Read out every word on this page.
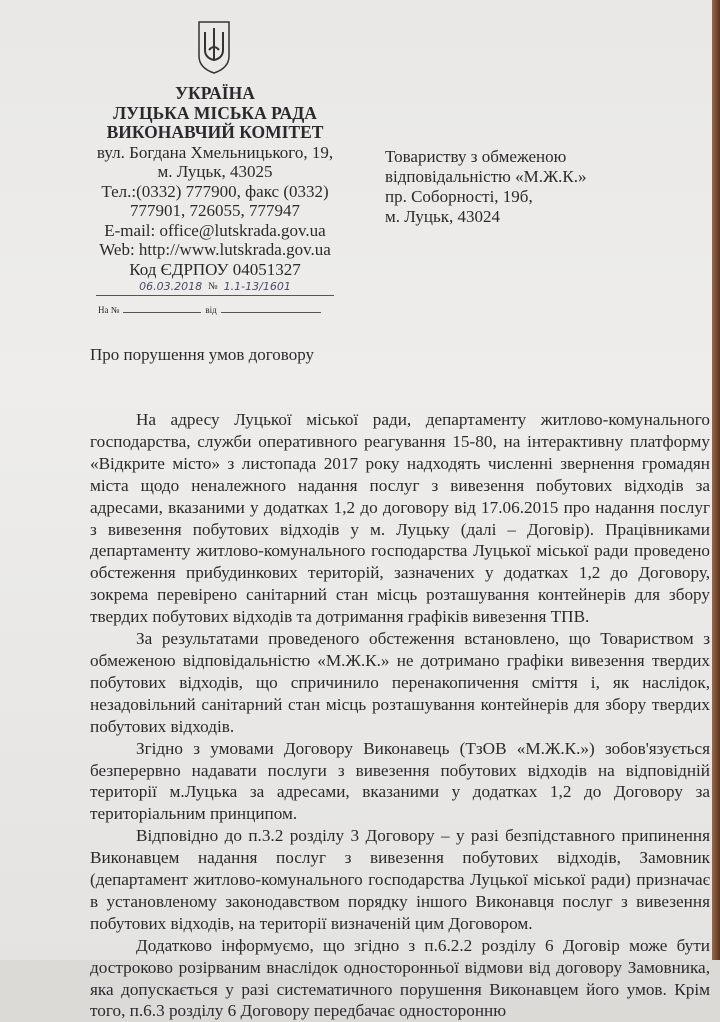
УКРАЇНА
ЛУЦЬКА МІСЬКА РАДА
ВИКОНАВЧИЙ КОМІТЕТ
вул. Богдана Хмельницького, 19,
м. Луцьк, 43025
Тел.:(0332) 777900, факс (0332)
777901, 726055, 777947
E-mail: office@lutskrada.gov.ua
Web: http://www.lutskrada.gov.ua
Код ЄДРПОУ 04051327
06.03.2018 № 1.1-13/1601
На №	від
Товариству з обмеженою
відповідальністю «М.Ж.К.»
пр. Соборності, 19б,
м. Луцьк, 43024
Про порушення умов договору

На адресу Луцької міської ради, департаменту житлово-комунального господарства, служби оперативного реагування 15-80, на інтерактивну платформу «Відкрите місто» з листопада 2017 року надходять численні звернення громадян міста щодо неналежного надання послуг з вивезення побутових відходів за адресами, вказаними у додатках 1,2 до договору від 17.06.2015 про надання послуг з вивезення побутових відходів у м. Луцьку (далі – Договір). Працівниками департаменту житлово-комунального господарства Луцької міської ради проведено обстеження прибудинкових територій, зазначених у додатках 1,2 до Договору, зокрема перевірено санітарний стан місць розташування контейнерів для збору твердих побутових відходів та дотримання графіків вивезення ТПВ.

За результатами проведеного обстеження встановлено, що Товариством з обмеженою відповідальністю «М.Ж.К.» не дотримано графіки вивезення твердих побутових відходів, що спричинило перенакопичення сміття і, як наслідок, незадовільний санітарний стан місць розташування контейнерів для збору твердих побутових відходів.

Згідно з умовами Договору Виконавець (ТзОВ «М.Ж.К.») зобов'язується безперервно надавати послуги з вивезення побутових відходів на відповідній території м.Луцька за адресами, вказаними у додатках 1,2 до Договору за територіальним принципом.

Відповідно до п.3.2 розділу 3 Договору – у разі безпідставного припинення Виконавцем надання послуг з вивезення побутових відходів, Замовник (департамент житлово-комунального господарства Луцької міської ради) призначає в установленому законодавством порядку іншого Виконавця послуг з вивезення побутових відходів, на території визначеній цим Договором.

Додатково інформуємо, що згідно з п.6.2.2 розділу 6 Договір може бути достроково розірваним внаслідок односторонньої відмови від договору Замовника, яка допускається у разі систематичного порушення Виконавцем його умов. Крім того, п.6.3 розділу 6 Договору передбачає односторонню
